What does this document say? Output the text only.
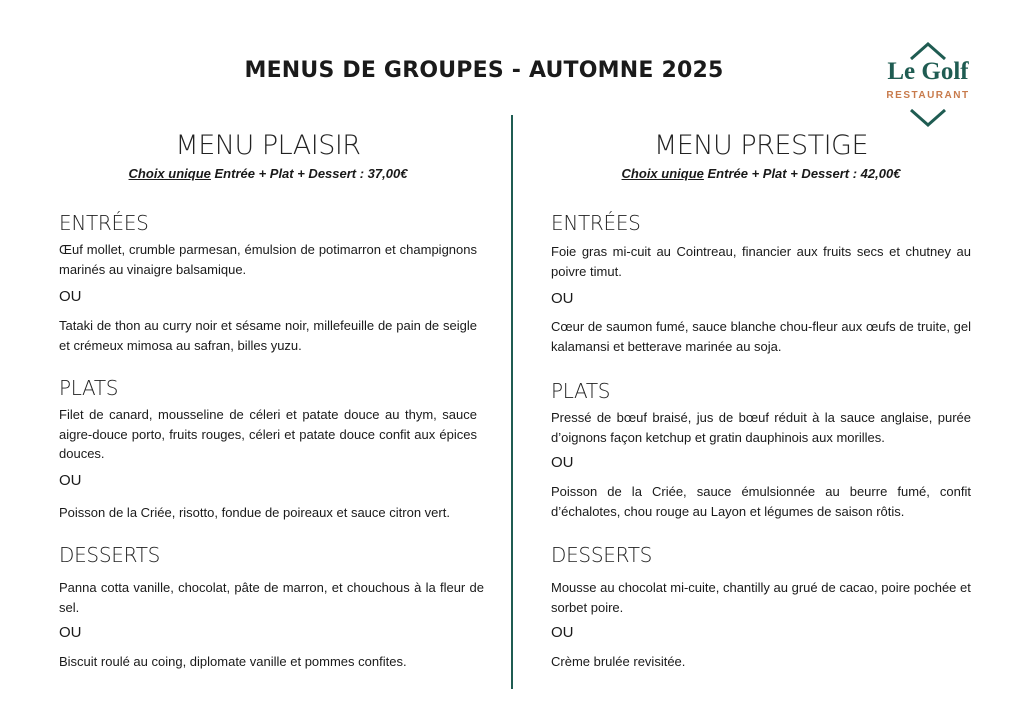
MENUS DE GROUPES - AUTOMNE 2025	Le Golf
RESTAURANT
MENU PLAISIR
Choix unique Entrée + Plat + Dessert : 37,00€
ENTRÉES
Œuf mollet, crumble parmesan, émulsion de potimarron et champignons marinés au vinaigre balsamique.
OU
Tataki de thon au curry noir et sésame noir, millefeuille de pain de seigle et crémeux mimosa au safran, billes yuzu.
PLATS
Filet de canard, mousseline de céleri et patate douce au thym, sauce aigre-douce porto, fruits rouges, céleri et patate douce confit aux épices douces.
OU
Poisson de la Criée, risotto, fondue de poireaux et sauce citron vert.
DESSERTS
Panna cotta vanille, chocolat, pâte de marron, et chouchous à la fleur de sel.
OU
Biscuit roulé au coing, diplomate vanille et pommes confites.
MENU PRESTIGE
Choix unique Entrée + Plat + Dessert : 42,00€
ENTRÉES
Foie gras mi-cuit au Cointreau, financier aux fruits secs et chutney au poivre timut.
OU
Cœur de saumon fumé, sauce blanche chou-fleur aux œufs de truite, gel kalamansi et betterave marinée au soja.
PLATS
Pressé de bœuf braisé, jus de bœuf réduit à la sauce anglaise, purée d’oignons façon ketchup et gratin dauphinois aux morilles.
OU
Poisson de la Criée, sauce émulsionnée au beurre fumé, confit d’échalotes, chou rouge au Layon et légumes de saison rôtis.
DESSERTS
Mousse au chocolat mi-cuite, chantilly au grué de cacao, poire pochée et sorbet poire.
OU
Crème brulée revisitée.
